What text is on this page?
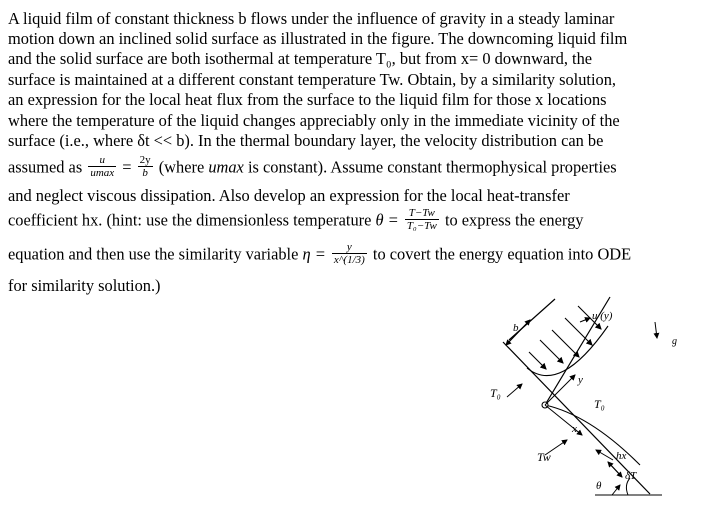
A liquid film of constant thickness b flows under the influence of gravity in a steady laminar
motion down an inclined solid surface as illustrated in the figure. The downcoming liquid film
and the solid surface are both isothermal at temperature T₀, but from x= 0 downward, the
surface is maintained at a different constant temperature Tw. Obtain, by a similarity solution,
an expression for the local heat flux from the surface to the liquid film for those x locations
where the temperature of the liquid changes appreciably only in the immediate vicinity of the
surface (i.e., where δt << b). In the thermal boundary layer, the velocity distribution can be
assumed as $\frac{u}{umax} = \frac{2y}{b}$ (where umax is constant). Assume constant thermophysical properties
and neglect viscous dissipation. Also develop an expression for the local heat-transfer
coefficient hx. (hint: use the dimensionless temperature $\theta = \frac{T-Tw}{\text{T₀−Tw}}$ to express the energy
equation and then use the similarity variable $\eta = \frac{y}{x\^{}(1/3)}$ to covert the energy equation into ODE
for similarity solution.)
b
u (y)
g
T₀
T₀
y
x
Tw	hx
δT
θ
